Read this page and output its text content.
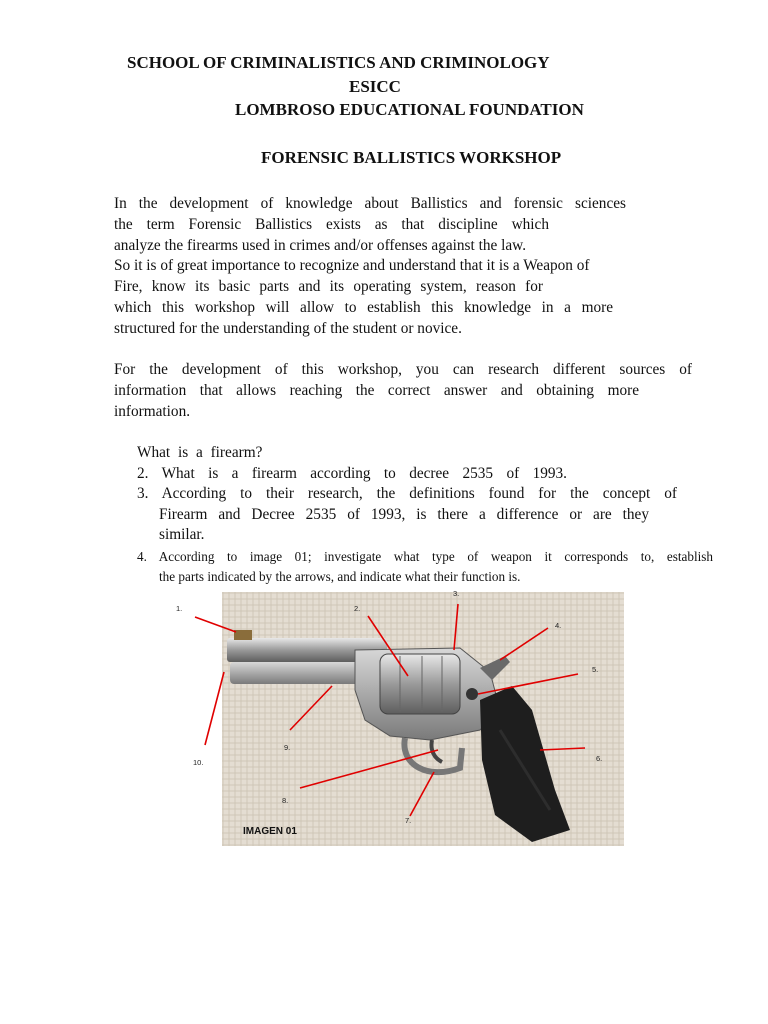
SCHOOL OF CRIMINALISTICS AND CRIMINOLOGY
ESICC
LOMBROSO EDUCATIONAL FOUNDATION
FORENSIC BALLISTICS WORKSHOP
In the development of knowledge about Ballistics and forensic sciences
the term Forensic Ballistics exists as that discipline which
analyze the firearms used in crimes and/or offenses against the law.
So it is of great importance to recognize and understand that it is a Weapon of
Fire, know its basic parts and its operating system, reason for
which this workshop will allow to establish this knowledge in a more
structured for the understanding of the student or novice.
For the development of this workshop, you can research different sources of
information that allows reaching the correct answer and obtaining more
information.
What is a firearm?
2. What is a firearm according to decree 2535 of 1993.
3. According to their research, the definitions found for the concept of
Firearm and Decree 2535 of 1993, is there a difference or are they
similar.
4. According to image 01; investigate what type of weapon it corresponds to, establish
the parts indicated by the arrows, and indicate what their function is.
1.	2.
3.
4.
5.
6.
7.
8.
9.
10.
IMAGEN 01
